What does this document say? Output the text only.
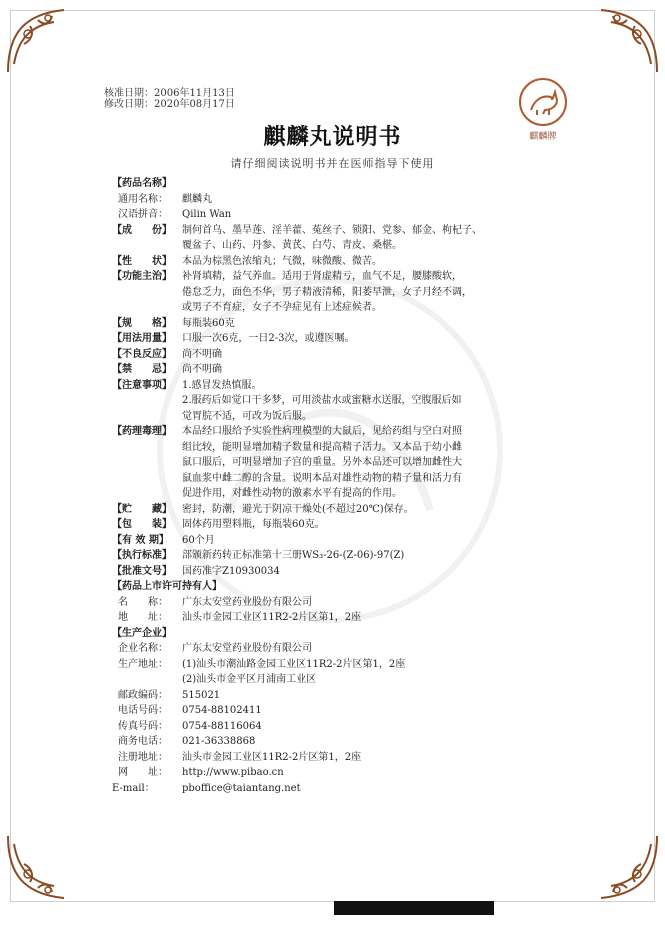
核准日期：2006年11月13日
修改日期：2020年08月17日
麒麟牌
麒麟丸说明书
请仔细阅读说明书并在医师指导下使用
【药品名称】
通用名称：	麒麟丸
汉语拼音：	Qilin Wan
【成　　份】	制何首乌、墨旱莲、淫羊藿、菟丝子、锁阳、党参、郁金、枸杞子、
覆盆子、山药、丹参、黄芪、白芍、青皮、桑椹。
【性　　状】	本品为棕黑色浓缩丸；气微，味微酸、微苦。
【功能主治】	补肾填精，益气养血。适用于肾虚精亏，血气不足，腰膝酸软，
倦怠乏力，面色不华，男子精液清稀，阳萎早泄，女子月经不调，
或男子不育症，女子不孕症见有上述症候者。
【规　　格】	每瓶装60克
【用法用量】	口服一次6克，一日2-3次，或遵医嘱。
【不良反应】	尚不明确
【禁　　忌】	尚不明确
【注意事项】	1.感冒发热慎服。
2.服药后如觉口干多梦，可用淡盐水或蜜糖水送服，空腹服后如
觉胃脘不适，可改为饭后服。
【药理毒理】	本品经口服给予实验性病理模型的大鼠后，见给药组与空白对照
组比较，能明显增加精子数量和提高精子活力。又本品于幼小雌
鼠口服后，可明显增加子宫的重量。另外本品还可以增加雌性大
鼠血浆中雌二醇的含量。说明本品对雄性动物的精子量和活力有
促进作用，对雌性动物的激素水平有提高的作用。
【贮　　藏】	密封，防潮，避光于阴凉干燥处(不超过20℃)保存。
【包　　装】	固体药用塑料瓶，每瓶装60克。
【有 效 期】	60个月
【执行标准】	部颁新药转正标准第十三册WS₃-26-(Z-06)-97(Z)
【批准文号】	国药准字Z10930034
【药品上市许可持有人】
名　　称：	广东太安堂药业股份有限公司
地　　址：	汕头市金园工业区11R2-2片区第1，2座
【生产企业】
企业名称：	广东太安堂药业股份有限公司
生产地址：	(1)汕头市潮汕路金园工业区11R2-2片区第1，2座
(2)汕头市金平区月浦南工业区
邮政编码：	515021
电话号码：	0754-88102411
传真号码：	0754-88116064
商务电话：	021-36338868
注册地址：	汕头市金园工业区11R2-2片区第1，2座
网　　址：	http://www.pibao.cn
E-mail：	pboffice@taiantang.net
